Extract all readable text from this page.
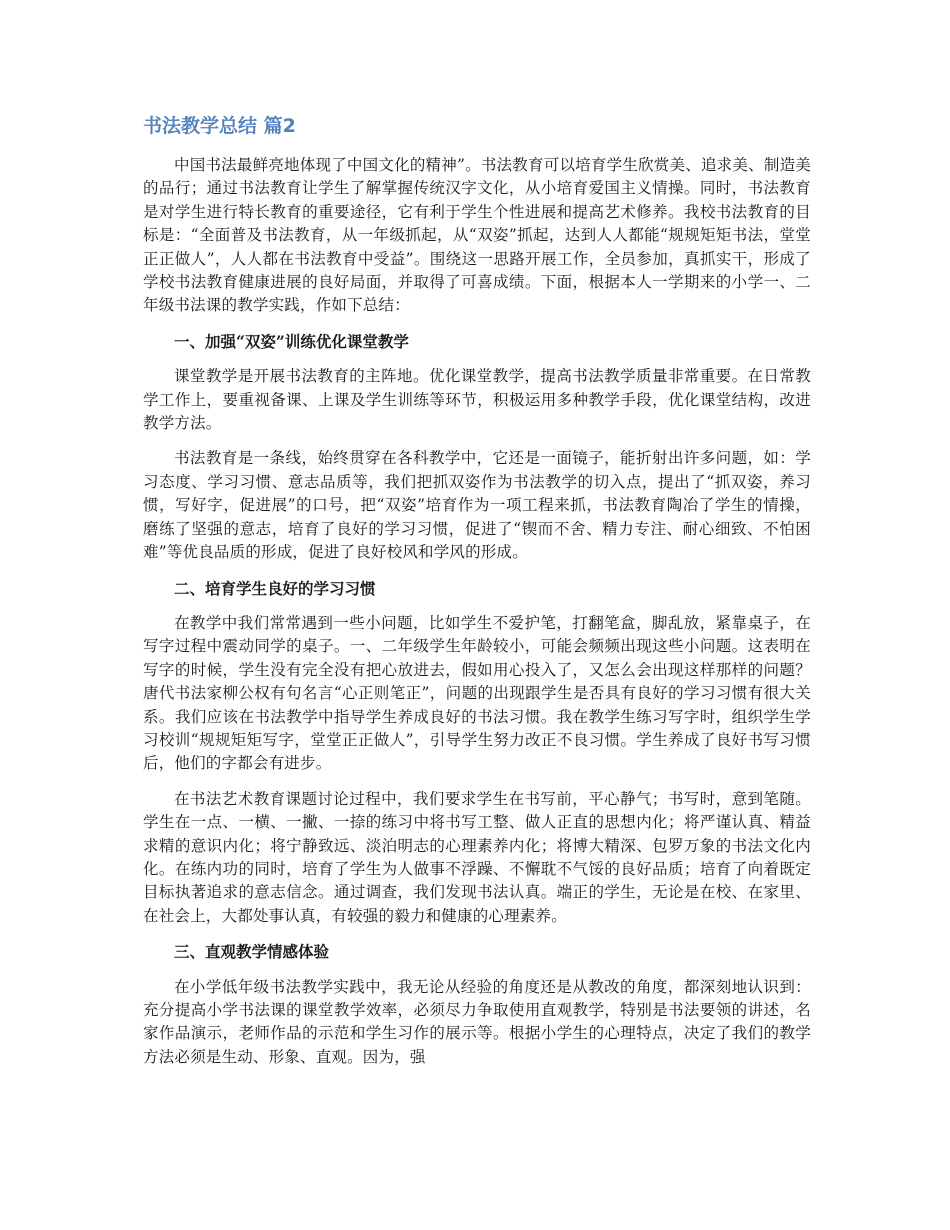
书法教学总结 篇2

中国书法最鲜亮地体现了中国文化的精神”。书法教育可以培育学生欣赏美、追求美、制造美的品行；通过书法教育让学生了解掌握传统汉字文化，从小培育爱国主义情操。同时，书法教育是对学生进行特长教育的重要途径，它有利于学生个性进展和提高艺术修养。我校书法教育的目标是：“全面普及书法教育，从一年级抓起，从“双姿”抓起，达到人人都能“规规矩矩书法，堂堂正正做人”，人人都在书法教育中受益”。围绕这一思路开展工作，全员参加，真抓实干，形成了学校书法教育健康进展的良好局面，并取得了可喜成绩。下面，根据本人一学期来的小学一、二年级书法课的教学实践，作如下总结：

一、加强“双姿”训练优化课堂教学

课堂教学是开展书法教育的主阵地。优化课堂教学，提高书法教学质量非常重要。在日常教学工作上，要重视备课、上课及学生训练等环节，积极运用多种教学手段，优化课堂结构，改进教学方法。

书法教育是一条线，始终贯穿在各科教学中，它还是一面镜子，能折射出许多问题，如：学习态度、学习习惯、意志品质等，我们把抓双姿作为书法教学的切入点，提出了“抓双姿，养习惯，写好字，促进展”的口号，把“双姿”培育作为一项工程来抓，书法教育陶冶了学生的情操，磨练了坚强的意志，培育了良好的学习习惯，促进了“锲而不舍、精力专注、耐心细致、不怕困难”等优良品质的形成，促进了良好校风和学风的形成。

二、培育学生良好的学习习惯

在教学中我们常常遇到一些小问题，比如学生不爱护笔，打翻笔盒，脚乱放，紧靠桌子，在写字过程中震动同学的桌子。一、二年级学生年龄较小，可能会频频出现这些小问题。这表明在写字的时候，学生没有完全没有把心放进去，假如用心投入了，又怎么会出现这样那样的问题？唐代书法家柳公权有句名言“心正则笔正”，问题的出现跟学生是否具有良好的学习习惯有很大关系。我们应该在书法教学中指导学生养成良好的书法习惯。我在教学生练习写字时，组织学生学习校训“规规矩矩写字，堂堂正正做人”，引导学生努力改正不良习惯。学生养成了良好书写习惯后，他们的字都会有进步。

在书法艺术教育课题讨论过程中，我们要求学生在书写前，平心静气；书写时，意到笔随。学生在一点、一横、一撇、一捺的练习中将书写工整、做人正直的思想内化；将严谨认真、精益求精的意识内化；将宁静致远、淡泊明志的心理素养内化；将博大精深、包罗万象的书法文化内化。在练内功的同时，培育了学生为人做事不浮躁、不懈耽不气馁的良好品质；培育了向着既定目标执著追求的意志信念。通过调查，我们发现书法认真。端正的学生，无论是在校、在家里、在社会上，大都处事认真，有较强的毅力和健康的心理素养。

三、直观教学情感体验

在小学低年级书法教学实践中，我无论从经验的角度还是从教改的角度，都深刻地认识到：充分提高小学书法课的课堂教学效率，必须尽力争取使用直观教学，特别是书法要领的讲述，名家作品演示，老师作品的示范和学生习作的展示等。根据小学生的心理特点，决定了我们的教学方法必须是生动、形象、直观。因为，强
